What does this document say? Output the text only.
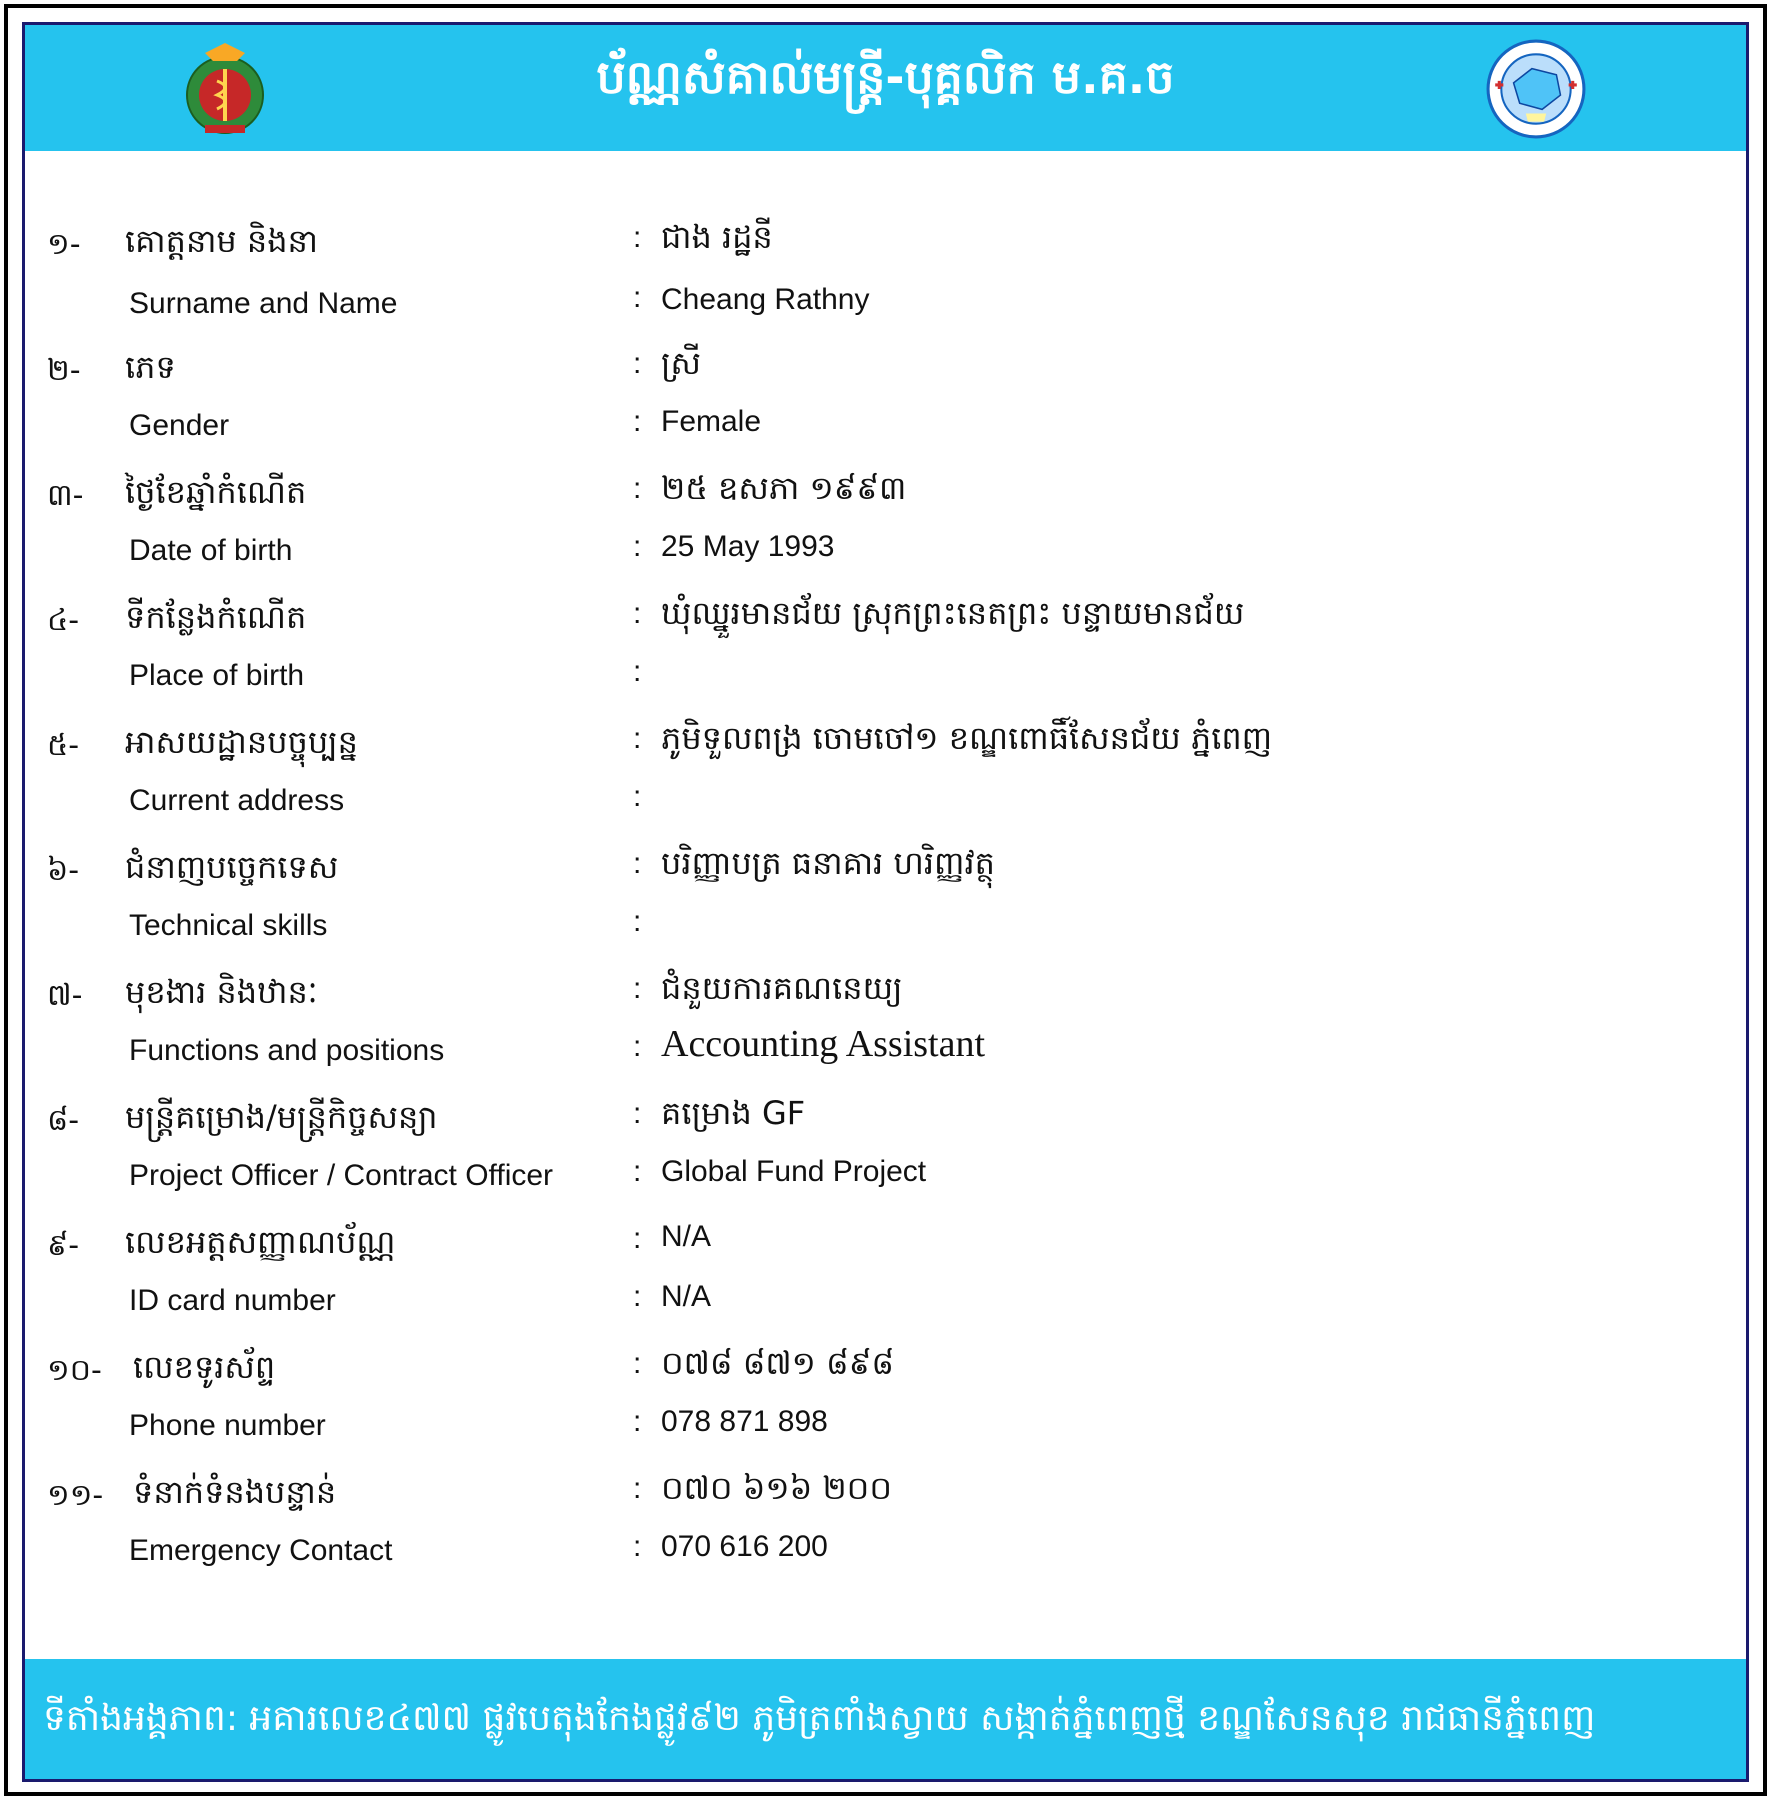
ប័ណ្ណសំគាល់មន្ត្រី-បុគ្គលិក ម.គ.ច
១- គោត្តនាម និងនា	: ជាង រដ្ឋនី
Surname and Name	: Cheang Rathny
២- ភេទ	: ស្រី
Gender	: Female
៣- ថ្ងៃខែឆ្នាំកំណើត	: ២៥ ឧសភា ១៩៩៣
Date of birth	: 25 May 1993
៤- ទីកន្លែងកំណើត	: ឃុំឈ្នួរមានជ័យ ស្រុកព្រះនេតព្រះ បន្ទាយមានជ័យ
Place of birth	:
៥- អាសយដ្ឋានបច្ចុប្បន្ន	: ភូមិទួលពង្រ ចោមចៅ១ ខណ្ឌពោធិ៍សែនជ័យ ភ្នំពេញ
Current address	:
៦- ជំនាញបច្ចេកទេស	: បរិញ្ញាបត្រ ធនាគារ ហរិញ្ញវត្ថុ
Technical skills	:
៧- មុខងារ និងឋានៈ	: ជំនួយការគណនេយ្យ
Functions and positions	: Accounting Assistant
៨- មន្ត្រីគម្រោង/មន្ត្រីកិច្ចសន្យា	: គម្រោង GF
Project Officer / Contract Officer	: Global Fund Project
៩- លេខអត្តសញ្ញាណប័ណ្ណ	: N/A
ID card number	: N/A
១០- លេខទូរស័ព្ទ	: ០៧៨ ៨៧១ ៨៩៨
Phone number	: 078 871 898
១១- ទំនាក់ទំនងបន្ទាន់	: ០៧០ ៦១៦ ២០០
Emergency Contact	: 070 616 200
ទីតាំងអង្គភាព: អគារលេខ៤៧៧ ផ្លូវបេតុងកែងផ្លូវ៩២ ភូមិត្រពាំងស្វាយ សង្កាត់ភ្នំពេញថ្មី ខណ្ឌសែនសុខ រាជធានីភ្នំពេញ
